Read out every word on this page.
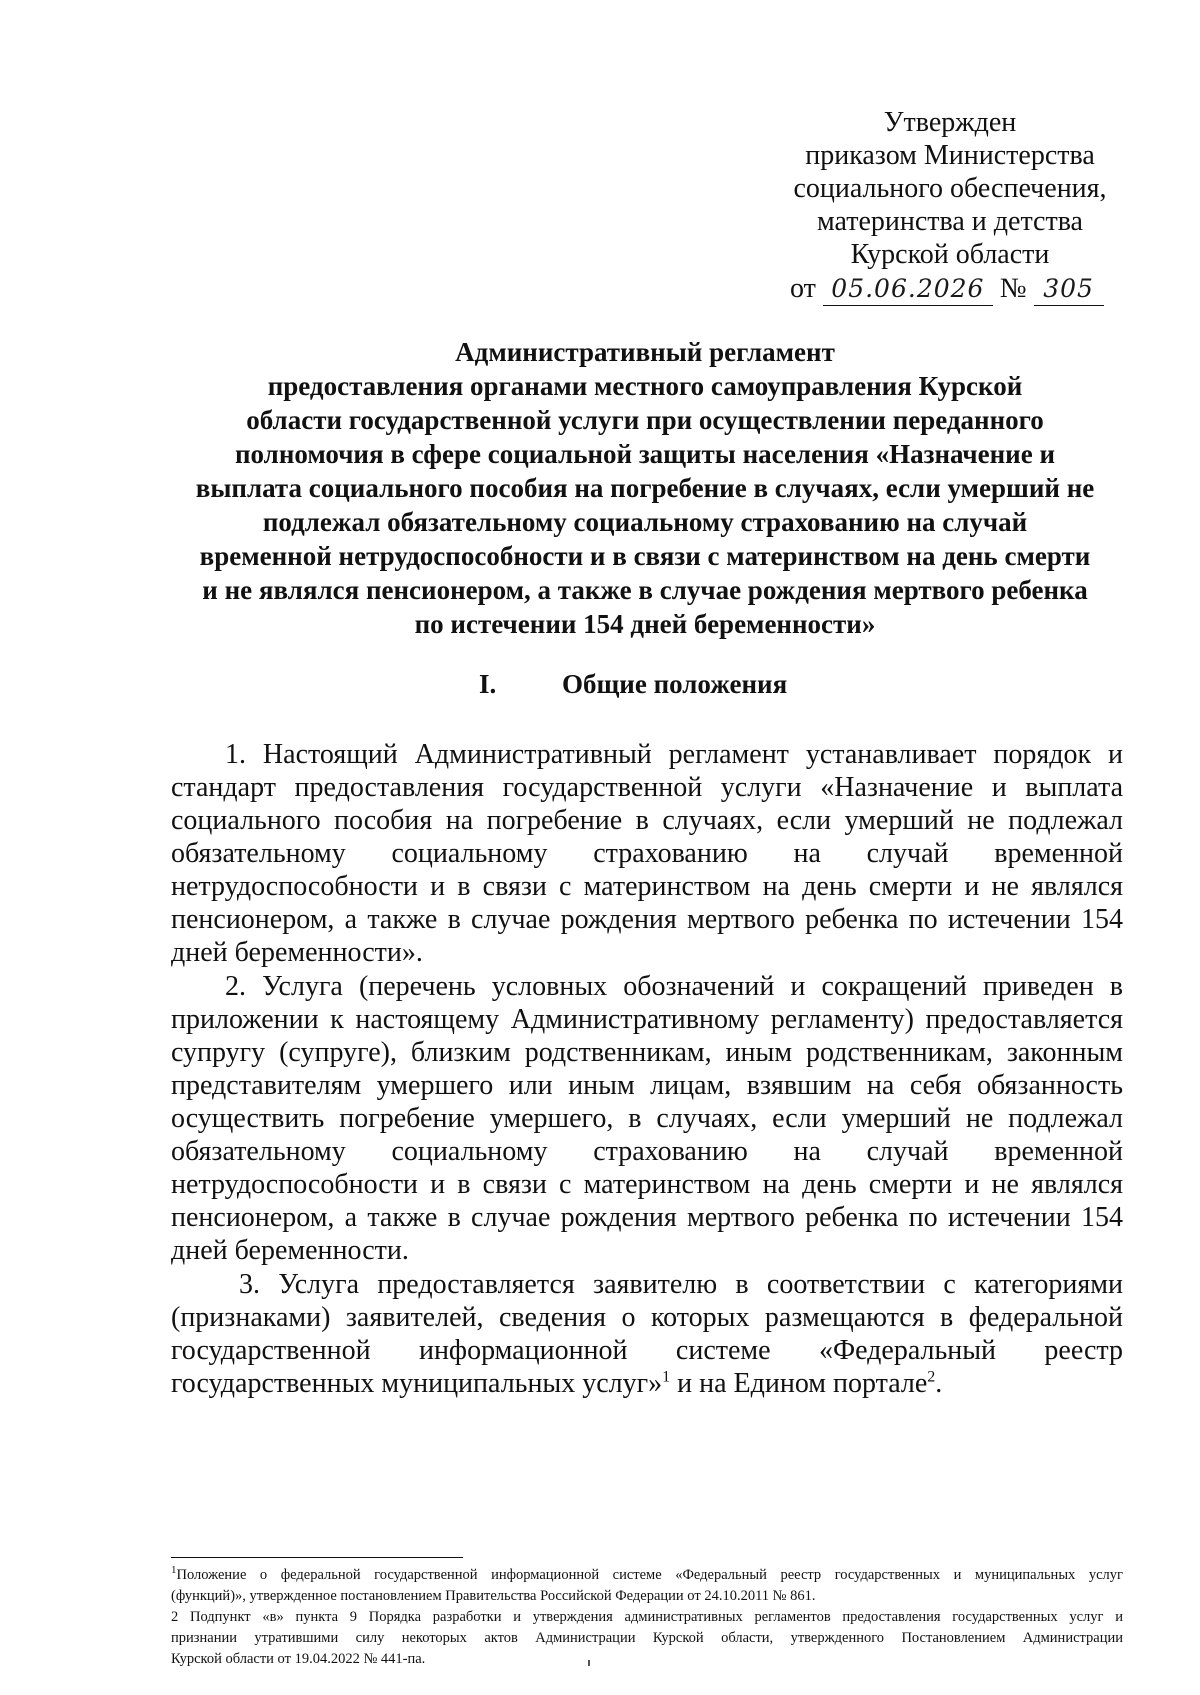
Утвержден
приказом Министерства
социального обеспечения,
материнства и детства
Курской области
от 05.06.2026 № 305
Административный регламент
предоставления органами местного самоуправления Курской
области государственной услуги при осуществлении переданного
полномочия в сфере социальной защиты населения «Назначение и
выплата социального пособия на погребение в случаях, если умерший не
подлежал обязательному социальному страхованию на случай
временной нетрудоспособности и в связи с материнством на день смерти
и не являлся пенсионером, а также в случае рождения мертвого ребенка
по истечении 154 дней беременности»
I. Общие положения
1. Настоящий Административный регламент устанавливает порядок и
стандарт предоставления государственной услуги «Назначение и выплата
социального пособия на погребение в случаях, если умерший не подлежал
обязательному социальному страхованию на случай временной
нетрудоспособности и в связи с материнством на день смерти и не являлся
пенсионером, а также в случае рождения мертвого ребенка по истечении 154
дней беременности».
2. Услуга (перечень условных обозначений и сокращений приведен в
приложении к настоящему Административному регламенту) предоставляется
супругу (супруге), близким родственникам, иным родственникам, законным
представителям умершего или иным лицам, взявшим на себя обязанность
осуществить погребение умершего, в случаях, если умерший не подлежал
обязательному социальному страхованию на случай временной
нетрудоспособности и в связи с материнством на день смерти и не являлся
пенсионером, а также в случае рождения мертвого ребенка по истечении 154
дней беременности.
3. Услуга предоставляется заявителю в соответствии с категориями
(признаками) заявителей, сведения о которых размещаются в федеральной
государственной информационной системе «Федеральный реестр
государственных муниципальных услуг»$^1$ и на Едином портале$^2$.
$^1$Положение о федеральной государственной информационной системе «Федеральный реестр государственных и муниципальных услуг
(функций)», утвержденное постановлением Правительства Российской Федерации от 24.10.2011 № 861.
2 Подпункт «в» пункта 9 Порядка разработки и утверждения административных регламентов предоставления государственных услуг и
признании утратившими силу некоторых актов Администрации Курской области, утвержденного Постановлением Администрации
Курской области от 19.04.2022 № 441-па.
